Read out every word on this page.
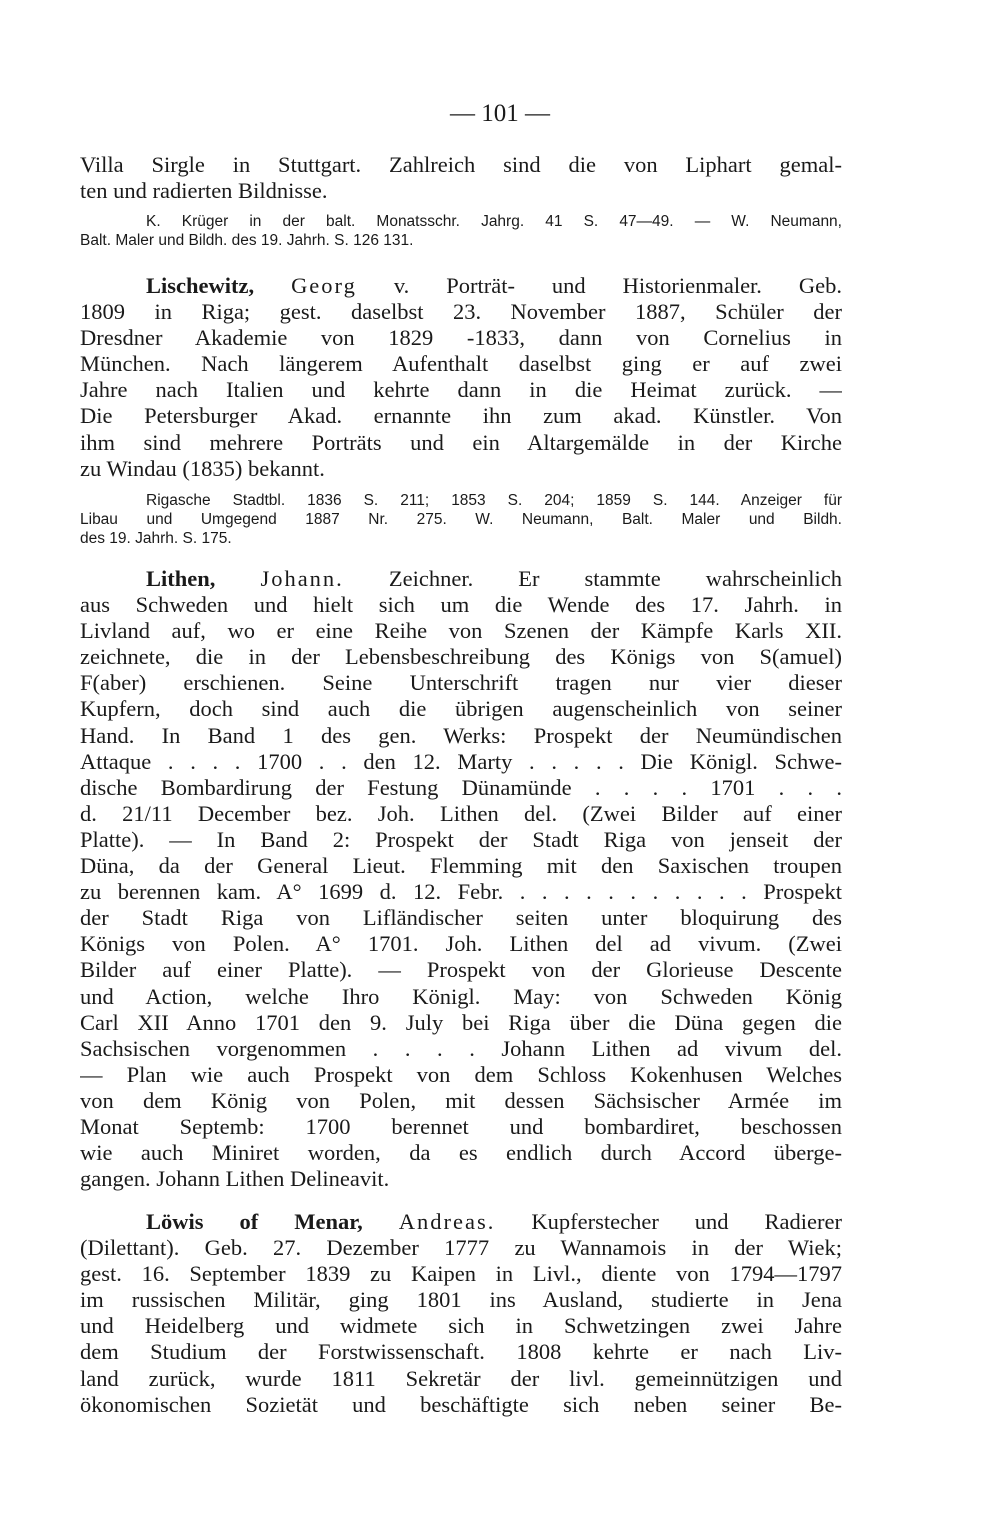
— 101 —
Villa Sirgle in Stuttgart. Zahlreich sind die von Liphart gemal-
ten und radierten Bildnisse.
K. Krüger in der balt. Monatsschr. Jahrg. 41 S. 47—49. — W. Neumann,
Balt. Maler und Bildh. des 19. Jahrh. S. 126 131.
Lischewitz, Georg v. Porträt- und Historienmaler. Geb.
1809 in Riga; gest. daselbst 23. November 1887, Schüler der
Dresdner Akademie von 1829 -1833, dann von Cornelius in
München. Nach längerem Aufenthalt daselbst ging er auf zwei
Jahre nach Italien und kehrte dann in die Heimat zurück. —
Die Petersburger Akad. ernannte ihn zum akad. Künstler. Von
ihm sind mehrere Porträts und ein Altargemälde in der Kirche
zu Windau (1835) bekannt.
Rigasche Stadtbl. 1836 S. 211; 1853 S. 204; 1859 S. 144. Anzeiger für
Libau und Umgegend 1887 Nr. 275. W. Neumann, Balt. Maler und Bildh.
des 19. Jahrh. S. 175.
Lithen, Johann. Zeichner. Er stammte wahrscheinlich
aus Schweden und hielt sich um die Wende des 17. Jahrh. in
Livland auf, wo er eine Reihe von Szenen der Kämpfe Karls XII.
zeichnete, die in der Lebensbeschreibung des Königs von S(amuel)
F(aber) erschienen. Seine Unterschrift tragen nur vier dieser
Kupfern, doch sind auch die übrigen augenscheinlich von seiner
Hand. In Band 1 des gen. Werks: Prospekt der Neumündischen
Attaque . . . . 1700 . . den 12. Marty . . . . . Die Königl. Schwe-
dische Bombardirung der Festung Dünamünde . . . . 1701 . . .
d. 21/11 December bez. Joh. Lithen del. (Zwei Bilder auf einer
Platte). — In Band 2: Prospekt der Stadt Riga von jenseit der
Düna, da der General Lieut. Flemming mit den Saxischen troupen
zu berennen kam. A° 1699 d. 12. Febr. . . . . . . . . . . . Prospekt
der Stadt Riga von Lifländischer seiten unter bloquirung des
Königs von Polen. A° 1701. Joh. Lithen del ad vivum. (Zwei
Bilder auf einer Platte). — Prospekt von der Glorieuse Descente
und Action, welche Ihro Königl. May: von Schweden König
Carl XII Anno 1701 den 9. July bei Riga über die Düna gegen die
Sachsischen vorgenommen . . . . Johann Lithen ad vivum del.
— Plan wie auch Prospekt von dem Schloss Kokenhusen Welches
von dem König von Polen, mit dessen Sächsischer Armée im
Monat Septemb: 1700 berennet und bombardiret, beschossen
wie auch Miniret worden, da es endlich durch Accord überge-
gangen. Johann Lithen Delineavit.
Löwis of Menar, Andreas. Kupferstecher und Radierer
(Dilettant). Geb. 27. Dezember 1777 zu Wannamois in der Wiek;
gest. 16. September 1839 zu Kaipen in Livl., diente von 1794—1797
im russischen Militär, ging 1801 ins Ausland, studierte in Jena
und Heidelberg und widmete sich in Schwetzingen zwei Jahre
dem Studium der Forstwissenschaft. 1808 kehrte er nach Liv-
land zurück, wurde 1811 Sekretär der livl. gemeinnützigen und
ökonomischen Sozietät und beschäftigte sich neben seiner Be-
